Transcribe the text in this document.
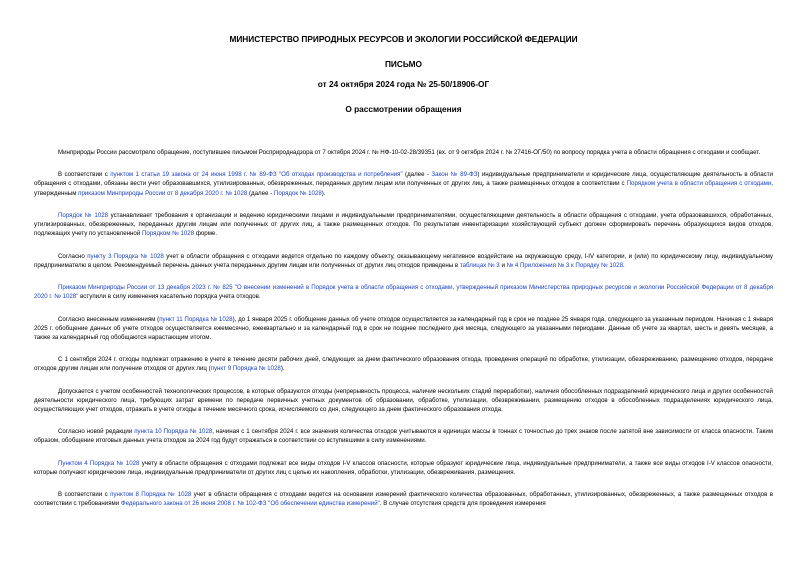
МИНИСТЕРСТВО ПРИРОДНЫХ РЕСУРСОВ И ЭКОЛОГИИ РОССИЙСКОЙ ФЕДЕРАЦИИ

ПИСЬМО

от 24 октября 2024 года № 25-50/18906-ОГ

О рассмотрении обращения

Минприроды России рассмотрело обращение, поступившее письмом Росприроднадзора от 7 октября 2024 г. № НФ-10-02-28/39351 (вх. от 9 октября 2024 г. № 27416-ОГ/50) по вопросу порядка учета в области обращения с отходами и сообщает.

В соответствии с пунктом 1 статьи 19 закона от 24 июня 1998 г. № 89-ФЗ "Об отходах производства и потребления" (далее - Закон № 89-ФЗ) индивидуальные предприниматели и юридические лица, осуществляющие деятельность в области обращения с отходами, обязаны вести учет образовавшихся, утилизированных, обезвреженных, переданных другим лицам или полученных от других лиц, а также размещенных отходов в соответствии с Порядком учета в области обращения с отходами, утвержденным приказом Минприроды России от 8 декабря 2020 г. № 1028 (далее - Порядок № 1028).

Порядок № 1028 устанавливает требования к организации и ведению юридическими лицами и индивидуальными предпринимателями, осуществляющими деятельность в области обращения с отходами, учета образовавшихся, обработанных, утилизированных, обезвреженных, переданных другим лицам или полученных от других лиц, а также размещенных отходов. По результатам инвентаризации хозяйствующий субъект должен сформировать перечень образующихся видов отходов, подлежащих учету по установленной Порядком № 1028 форме.

Согласно пункту 3 Порядка № 1028 учет в области обращения с отходами ведется отдельно по каждому объекту, оказывающему негативное воздействие на окружающую среду, I-IV категории, и (или) по юридическому лицу, индивидуальному предпринимателю в целом. Рекомендуемый перечень данных учета переданных другим лицам или полученных от других лиц отходов приведены в таблицах № 3 и № 4 Приложения № 3 к Порядку № 1028.

Приказом Минприроды России от 13 декабря 2023 г. № 825 "О внесении изменений в Порядок учета в области обращения с отходами, утвержденный приказом Министерства природных ресурсов и экологии Российской Федерации от 8 декабря 2020 г. № 1028" вступили в силу изменения касательно порядка учета отходов.

Согласно внесенным изменениям (пункт 11 Порядка № 1028), до 1 января 2025 г. обобщение данных об учете отходов осуществляется за календарный год в срок не позднее 25 января года, следующего за указанным периодом. Начиная с 1 января 2025 г. обобщение данных об учете отходов осуществляется ежемесячно, ежеквартально и за календарный год в срок не позднее последнего дня месяца, следующего за указанными периодами. Данные об учете за квартал, шесть и девять месяцев, а также за календарный год обобщаются нарастающим итогом.

С 1 сентября 2024 г. отходы подлежат отражению в учете в течение десяти рабочих дней, следующих за днем фактического образования отхода, проведения операций по обработке, утилизации, обезвреживанию, размещению отходов, передаче отходов другим лицам или получение отходов от других лиц (пункт 9 Порядка № 1028).

Допускается с учетом особенностей технологических процессов, в которых образуются отходы (непрерывность процесса, наличие нескольких стадий переработки), наличия обособленных подразделений юридического лица и других особенностей деятельности юридического лица, требующих затрат времени по передаче первичных учетных документов об образовании, обработке, утилизации, обезвреживании, размещению отходов в обособленных подразделениях юридического лица, осуществляющих учет отходов, отражать в учете отходы в течение месячного срока, исчисляемого со дня, следующего за днем фактического образования отхода.

Согласно новой редакции пункта 10 Порядка № 1028, начиная с 1 сентября 2024 г. все значения количества отходов учитываются в единицах массы в тоннах с точностью до трех знаков после запятой вне зависимости от класса опасности. Таким образом, обобщение итоговых данных учета отходов за 2024 год будут отражаться в соответствии со вступившими в силу изменениями.

Пунктом 4 Порядка № 1028 учету в области обращения с отходами подлежат все виды отходов I-V классов опасности, которые образуют юридические лица, индивидуальные предприниматели, а также все виды отходов I-V классов опасности, которые получают юридические лица, индивидуальные предприниматели от других лиц с целью их накопления, обработки, утилизации, обезвреживания, размещения.

В соответствии с пунктом 8 Порядка № 1028 учет в области обращения с отходами ведется на основании измерений фактического количества образованных, обработанных, утилизированных, обезвреженных, а также размещенных отходов в соответствии с требованиями Федерального закона от 26 июня 2008 г. № 102-ФЗ "Об обеспечении единства измерений". В случае отсутствия средств для проведения измерения
